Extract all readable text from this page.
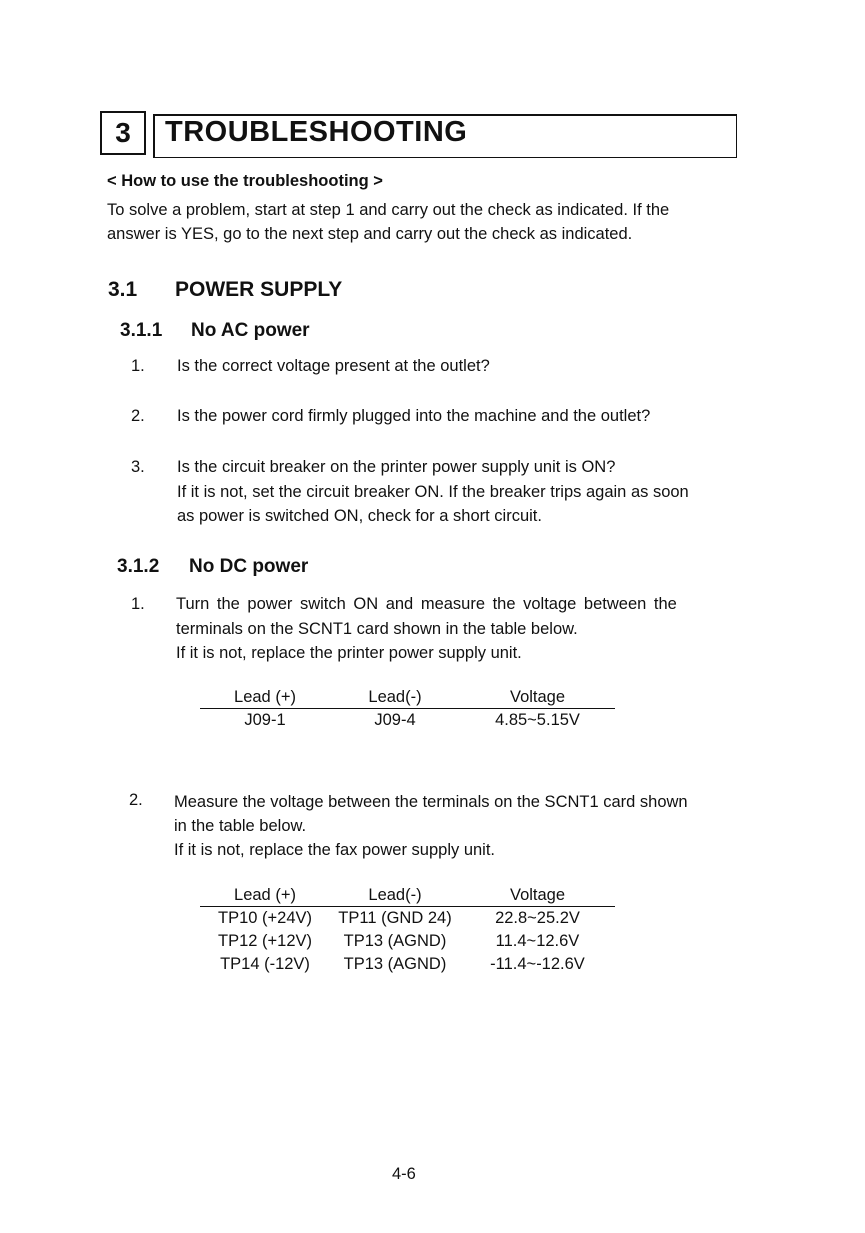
3 TROUBLESHOOTING
< How to use the troubleshooting >
To solve a problem, start at step 1 and carry out the check as indicated. If the
answer is YES, go to the next step and carry out the check as indicated.
3.1 POWER SUPPLY
3.1.1 No AC power
1.	Is the correct voltage present at the outlet?
2.	Is the power cord firmly plugged into the machine and the outlet?
3.	Is the circuit breaker on the printer power supply unit is ON?
If it is not, set the circuit breaker ON. If the breaker trips again as soon
as power is switched ON, check for a short circuit.
3.1.2 No DC power
1.	Turn the power switch ON and measure the voltage between the
terminals on the SCNT1 card shown in the table below.
If it is not, replace the printer power supply unit.
Lead (+)	Lead(-)	Voltage
J09-1	J09-4	4.85~5.15V
2.	Measure the voltage between the terminals on the SCNT1 card shown
in the table below.
If it is not, replace the fax power supply unit.
Lead (+)	Lead(-)	Voltage
TP10 (+24V)	TP11 (GND 24)	22.8~25.2V
TP12 (+12V)	TP13 (AGND)	11.4~12.6V
TP14 (-12V)	TP13 (AGND)	-11.4~-12.6V
4-6
